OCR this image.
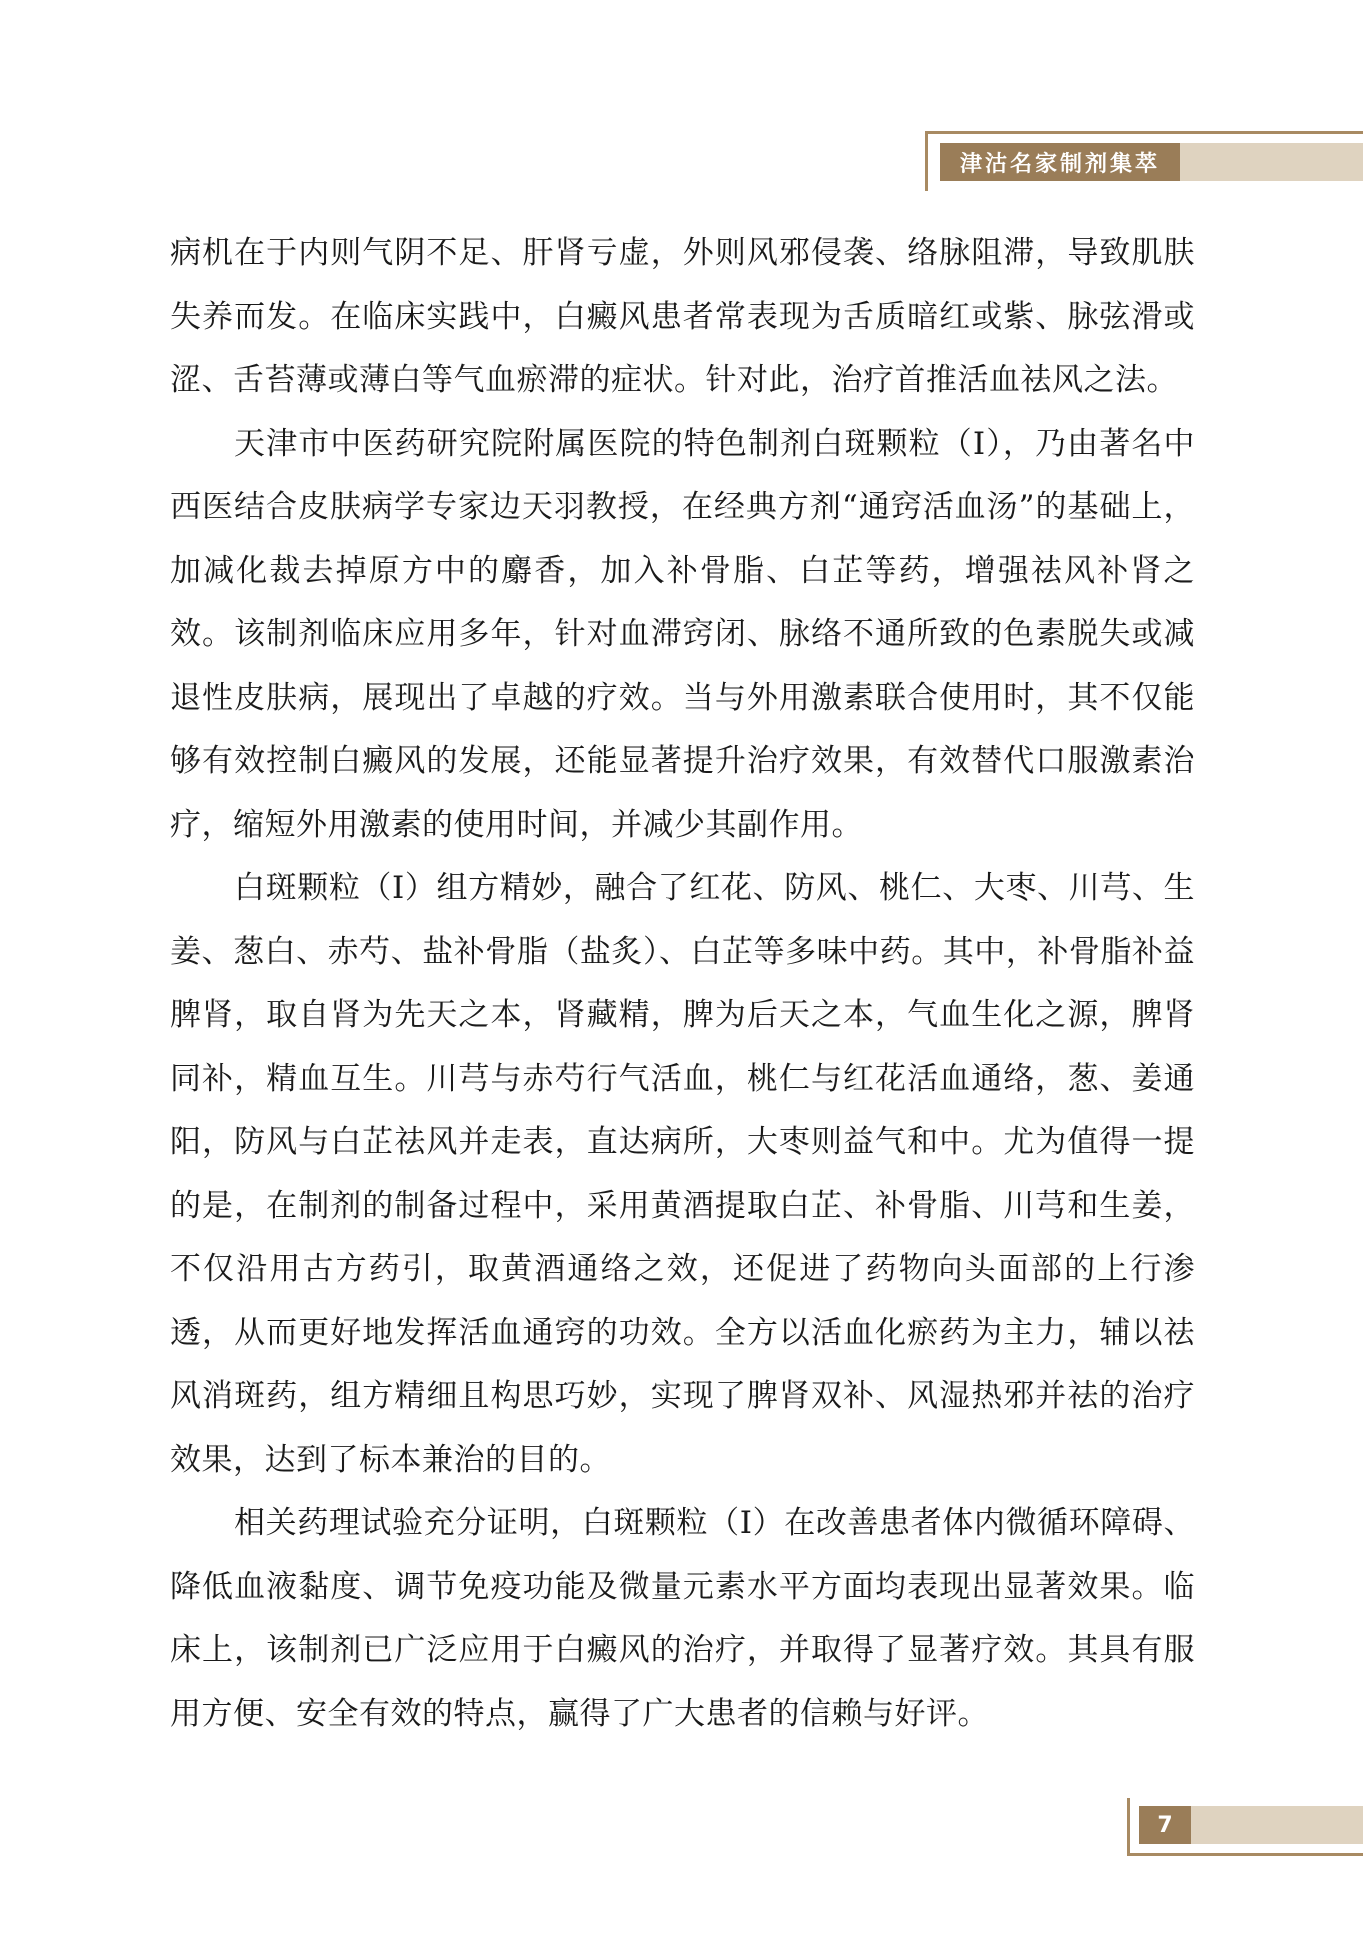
津沽名家制剂集萃

病机在于内则气阴不足、肝肾亏虚，外则风邪侵袭、络脉阻滞，导致肌肤失养而发。在临床实践中，白癜风患者常表现为舌质暗红或紫、脉弦滑或涩、舌苔薄或薄白等气血瘀滞的症状。针对此，治疗首推活血祛风之法。

天津市中医药研究院附属医院的特色制剂白斑颗粒（Ⅰ），乃由著名中西医结合皮肤病学专家边天羽教授，在经典方剂“通窍活血汤”的基础上，加减化裁去掉原方中的麝香，加入补骨脂、白芷等药，增强祛风补肾之效。该制剂临床应用多年，针对血滞窍闭、脉络不通所致的色素脱失或减退性皮肤病，展现出了卓越的疗效。当与外用激素联合使用时，其不仅能够有效控制白癜风的发展，还能显著提升治疗效果，有效替代口服激素治疗，缩短外用激素的使用时间，并减少其副作用。

白斑颗粒（Ⅰ）组方精妙，融合了红花、防风、桃仁、大枣、川芎、生姜、葱白、赤芍、盐补骨脂（盐炙）、白芷等多味中药。其中，补骨脂补益脾肾，取自肾为先天之本，肾藏精，脾为后天之本，气血生化之源，脾肾同补，精血互生。川芎与赤芍行气活血，桃仁与红花活血通络，葱、姜通阳，防风与白芷祛风并走表，直达病所，大枣则益气和中。尤为值得一提的是，在制剂的制备过程中，采用黄酒提取白芷、补骨脂、川芎和生姜，不仅沿用古方药引，取黄酒通络之效，还促进了药物向头面部的上行渗透，从而更好地发挥活血通窍的功效。全方以活血化瘀药为主力，辅以祛风消斑药，组方精细且构思巧妙，实现了脾肾双补、风湿热邪并祛的治疗效果，达到了标本兼治的目的。

相关药理试验充分证明，白斑颗粒（Ⅰ）在改善患者体内微循环障碍、降低血液黏度、调节免疫功能及微量元素水平方面均表现出显著效果。临床上，该制剂已广泛应用于白癜风的治疗，并取得了显著疗效。其具有服用方便、安全有效的特点，赢得了广大患者的信赖与好评。

7
